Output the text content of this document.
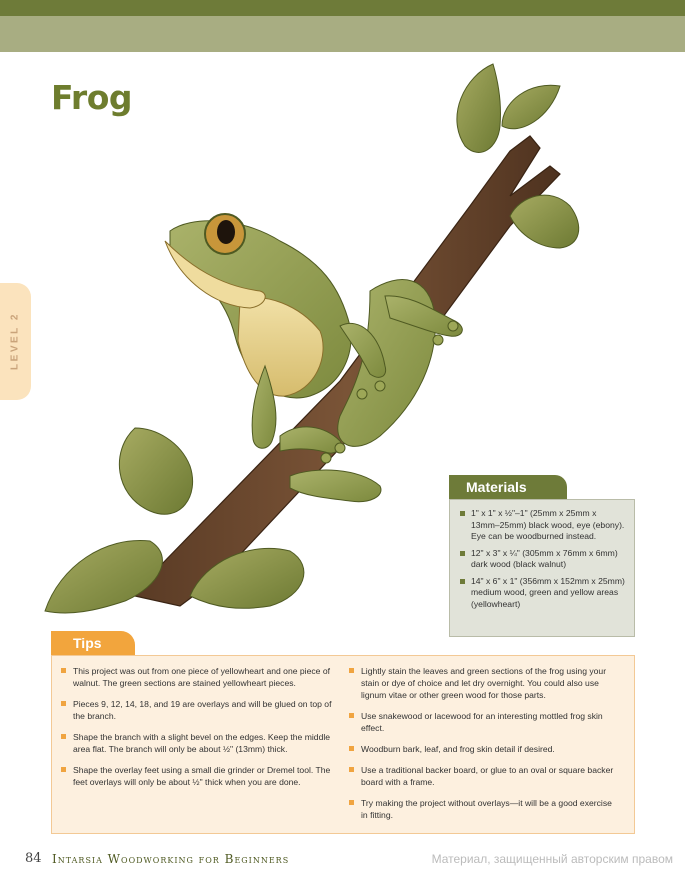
Frog
LEVEL 2
Materials
1" x 1" x ½"–1" (25mm x 25mm x 13mm–25mm) black wood, eye (ebony). Eye can be woodburned instead.
12" x 3" x ¼" (305mm x 76mm x 6mm) dark wood (black walnut)
14" x 6" x 1" (356mm x 152mm x 25mm) medium wood, green and yellow areas (yellowheart)
Tips
This project was out from one piece of yellowheart and one piece of walnut. The green sections are stained yellowheart pieces.
Pieces 9, 12, 14, 18, and 19 are overlays and will be glued on top of the branch.
Shape the branch with a slight bevel on the edges. Keep the middle area flat. The branch will only be about ½" (13mm) thick.
Shape the overlay feet using a small die grinder or Dremel tool. The feet overlays will only be about ½" thick when you are done.
Lightly stain the leaves and green sections of the frog using your stain or dye of choice and let dry overnight. You could also use lignum vitae or other green wood for those parts.
Use snakewood or lacewood for an interesting mottled frog skin effect.
Woodburn bark, leaf, and frog skin detail if desired.
Use a traditional backer board, or glue to an oval or square backer board with a frame.
Try making the project without overlays—it will be a good exercise in fitting.
84 Intarsia Woodworking for Beginners	Материал, защищенный авторским правом
